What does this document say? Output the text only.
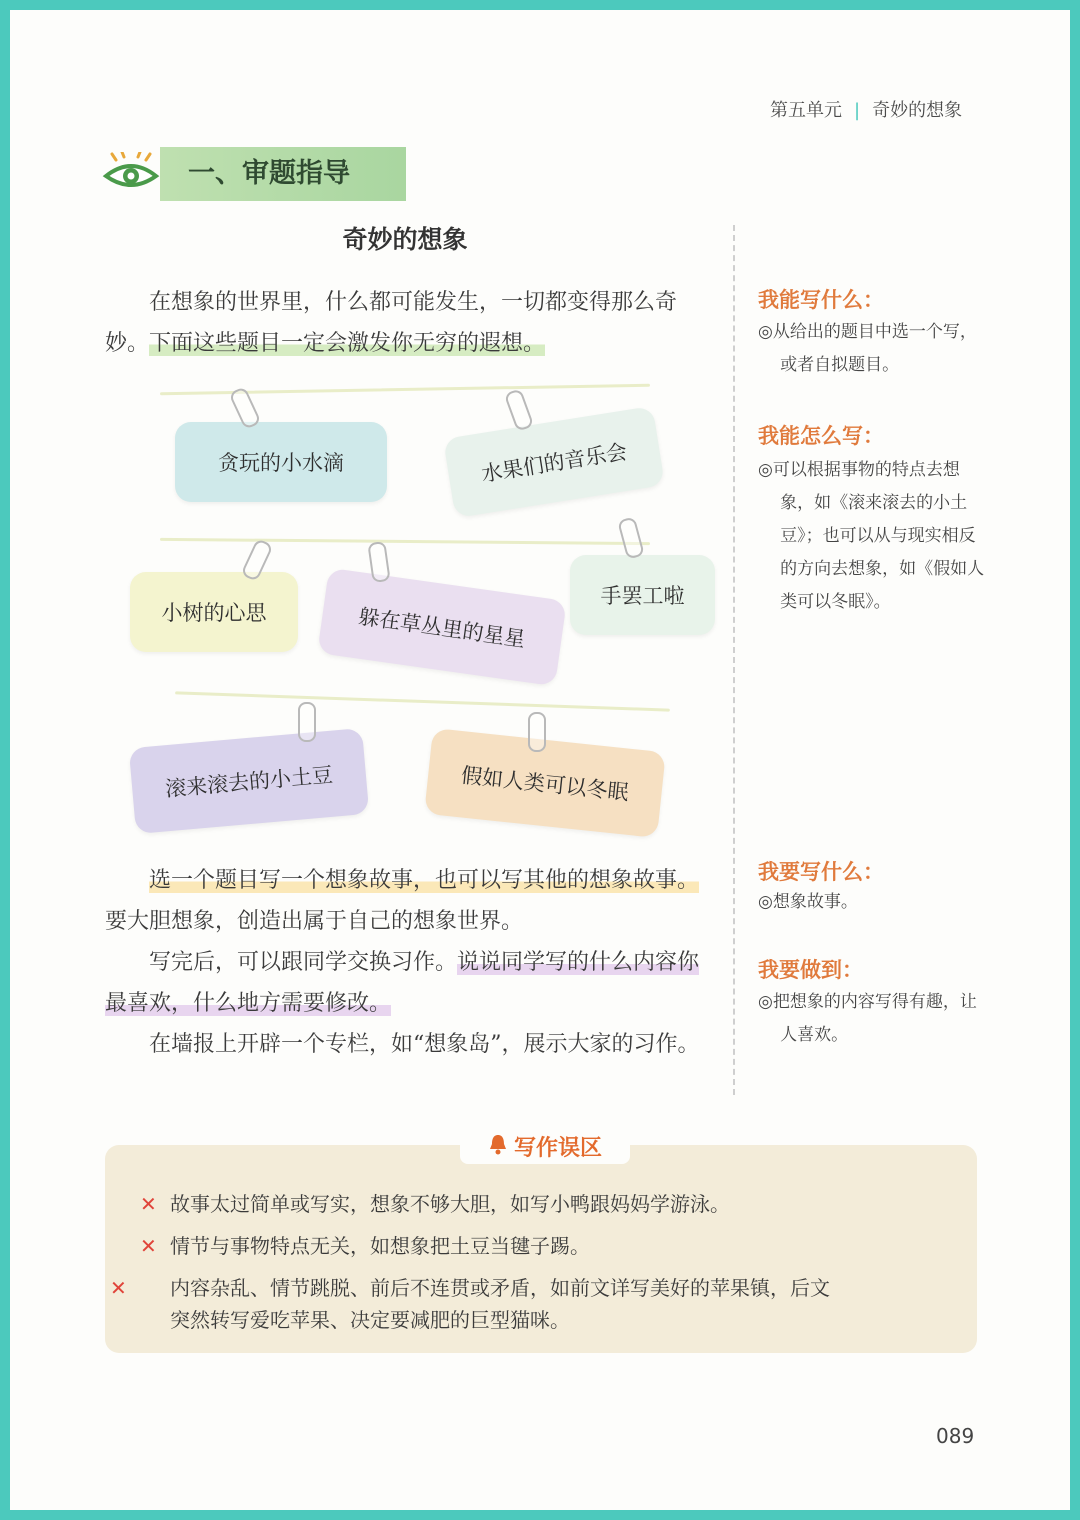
第五单元 | 奇妙的想象
一、审题指导
奇妙的想象

在想象的世界里，什么都可能发生，一切都变得那么奇妙。下面这些题目一定会激发你无穷的遐想。

贪玩的小水滴	水果们的音乐会
小树的心思	躲在草丛里的星星
手罢工啦
滚来滚去的小土豆	假如人类可以冬眠

选一个题目写一个想象故事，也可以写其他的想象故事。要大胆想象，创造出属于自己的想象世界。

写完后，可以跟同学交换习作。说说同学写的什么内容你最喜欢，什么地方需要修改。

在墙报上开辟一个专栏，如“想象岛”，展示大家的习作。

我能写什么：
◎从给出的题目中选一个写，或者自拟题目。
我能怎么写：
◎可以根据事物的特点去想象，如《滚来滚去的小土豆》；也可以从与现实相反的方向去想象，如《假如人类可以冬眠》。
我要写什么：
◎想象故事。
我要做到：
◎把想象的内容写得有趣，让人喜欢。
写作误区
✕ 故事太过简单或写实，想象不够大胆，如写小鸭跟妈妈学游泳。
✕ 情节与事物特点无关，如想象把土豆当毽子踢。
✕ 内容杂乱、情节跳脱、前后不连贯或矛盾，如前文详写美好的苹果镇，后文突然转写爱吃苹果、决定要减肥的巨型猫咪。
089
